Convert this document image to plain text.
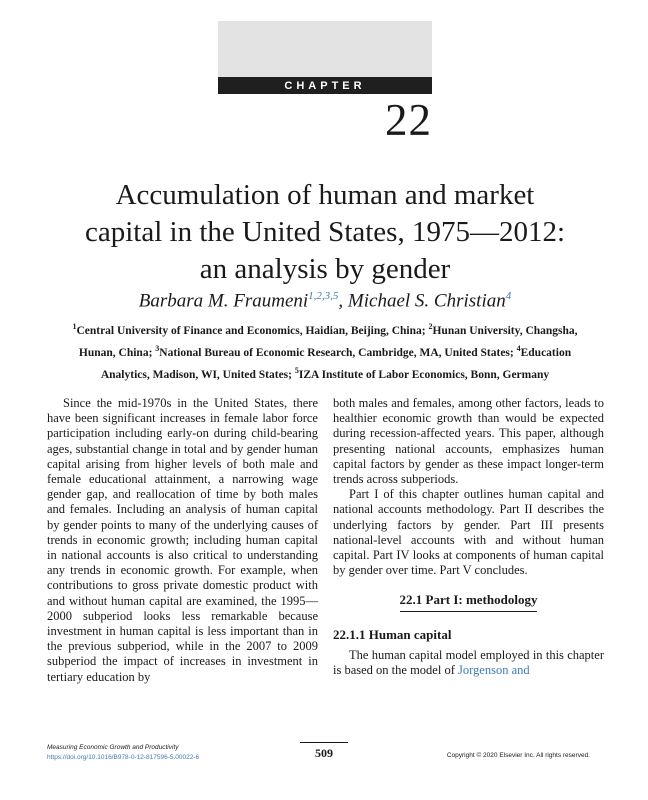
CHAPTER
22
Accumulation of human and market
capital in the United States, 1975—2012:
an analysis by gender
Barbara M. Fraumeni$^{1,2,3,5}$, Michael S. Christian$^4$
$^1$Central University of Finance and Economics, Haidian, Beijing, China; $^2$Hunan University, Changsha,
Hunan, China; $^3$National Bureau of Economic Research, Cambridge, MA, United States; $^4$Education
Analytics, Madison, WI, United States; $^5$IZA Institute of Labor Economics, Bonn, Germany

Since the mid-1970s in the United States, there have been significant increases in female labor force participation including early-on during child-bearing ages, substantial change in total and by gender human capital arising from higher levels of both male and female educational attainment, a narrowing wage gender gap, and reallocation of time by both males and females. Including an analysis of human capital by gender points to many of the underlying causes of trends in economic growth; including human capital in national accounts is also critical to understanding any trends in economic growth. For example, when contributions to gross private domestic product with and without human capital are examined, the 1995—2000 subperiod looks less remarkable because investment in human capital is less important than in the previous subperiod, while in the 2007 to 2009 subperiod the impact of increases in investment in tertiary education by

both males and females, among other factors, leads to healthier economic growth than would be expected during recession-affected years. This paper, although presenting national accounts, emphasizes human capital factors by gender as these impact longer-term trends across subperiods.

Part I of this chapter outlines human capital and national accounts methodology. Part II describes the underlying factors by gender. Part III presents national-level accounts with and without human capital. Part IV looks at components of human capital by gender over time. Part V concludes.

22.1 Part I: methodology
22.1.1 Human capital

The human capital model employed in this chapter is based on the model of Jorgenson and

Measuring Economic Growth and Productivity
https://doi.org/10.1016/B978-0-12-817596-5.00022-6	509	Copyright © 2020 Elsevier Inc. All rights reserved.
